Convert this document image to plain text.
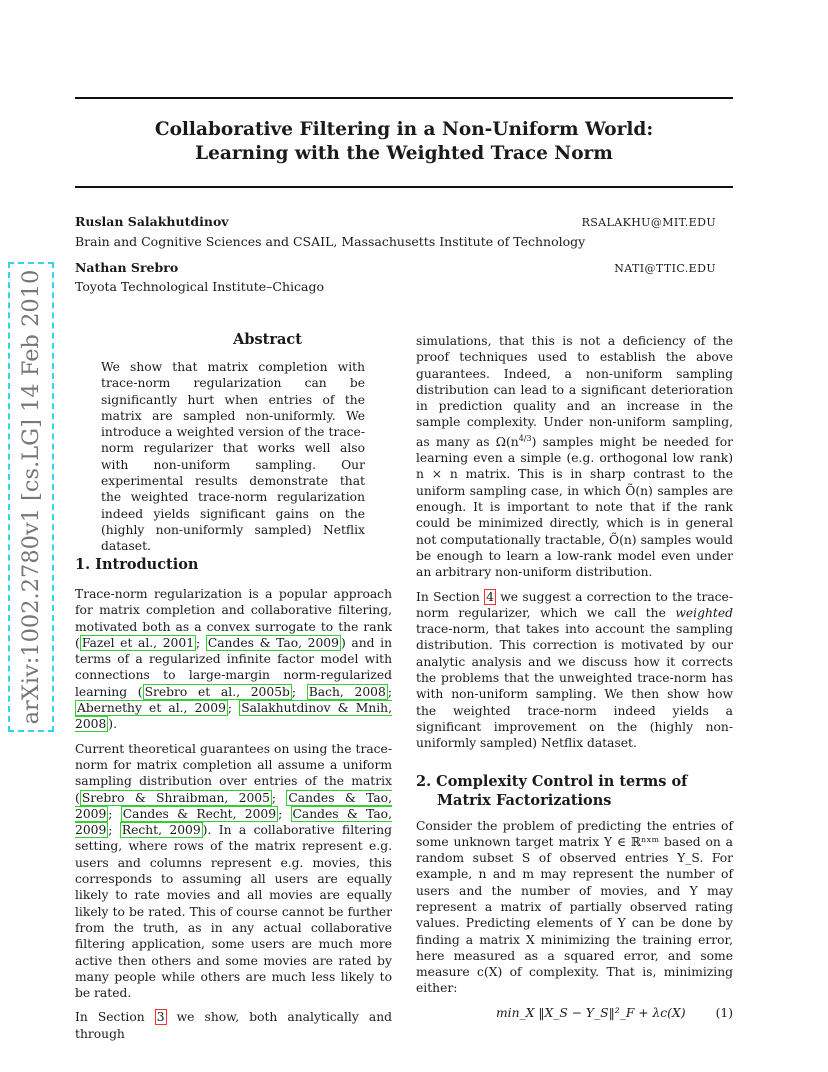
Collaborative Filtering in a Non-Uniform World:
Learning with the Weighted Trace Norm
Ruslan Salakhutdinov	RSALAKHU@MIT.EDU
Brain and Cognitive Sciences and CSAIL, Massachusetts Institute of Technology
Nathan Srebro	NATI@TTIC.EDU
Toyota Technological Institute–Chicago
Abstract
We show that matrix completion with trace-norm regularization can be significantly hurt when entries of the matrix are sampled non-uniformly. We introduce a weighted version of the trace-norm regularizer that works well also with non-uniform sampling. Our experimental results demonstrate that the weighted trace-norm regularization indeed yields significant gains on the (highly non-uniformly sampled) Netflix dataset.
1. Introduction

Trace-norm regularization is a popular approach for matrix completion and collaborative filtering, motivated both as a convex surrogate to the rank ( Fazel et al., 2001 ; Candes & Tao, 2009 ) and in terms of a regularized infinite factor model with connections to large-margin norm-regularized learning ( Srebro et al., 2005b ; Bach, 2008 ; Abernethy et al., 2009 ; Salakhutdinov & Mnih, 2008 ).

Current theoretical guarantees on using the trace-norm for matrix completion all assume a uniform sampling distribution over entries of the matrix ( Srebro & Shraibman, 2005 ; Candes & Tao, 2009 ; Candes & Recht, 2009 ; Candes & Tao, 2009 ; Recht, 2009 ). In a collaborative filtering setting, where rows of the matrix represent e.g. users and columns represent e.g. movies, this corresponds to assuming all users are equally likely to rate movies and all movies are equally likely to be rated. This of course cannot be further from the truth, as in any actual collaborative filtering application, some users are much more active then others and some movies are rated by many people while others are much less likely to be rated.

In Section 3 we show, both analytically and through

simulations, that this is not a deficiency of the proof techniques used to establish the above guarantees. Indeed, a non-uniform sampling distribution can lead to a significant deterioration in prediction quality and an increase in the sample complexity. Under non-uniform sampling, as many as $\Omega(n^{4/3})$ samples might be needed for learning even a simple (e.g. orthogonal low rank) n × n matrix. This is in sharp contrast to the uniform sampling case, in which Õ(n) samples are enough. It is important to note that if the rank could be minimized directly, which is in general not computationally tractable, Õ(n) samples would be enough to learn a low-rank model even under an arbitrary non-uniform distribution.

In Section 4 we suggest a correction to the trace-norm regularizer, which we call the weighted trace-norm, that takes into account the sampling distribution. This correction is motivated by our analytic analysis and we discuss how it corrects the problems that the unweighted trace-norm has with non-uniform sampling. We then show how the weighted trace-norm indeed yields a significant improvement on the (highly non-uniformly sampled) Netflix dataset.

2. Complexity Control in terms of
Matrix Factorizations

Consider the problem of predicting the entries of some unknown target matrix Y ∈ ℝⁿˣᵐ based on a random subset S of observed entries Y_S. For example, n and m may represent the number of users and the number of movies, and Y may represent a matrix of partially observed rating values. Predicting elements of Y can be done by finding a matrix X minimizing the training error, here measured as a squared error, and some measure c(X) of complexity. That is, minimizing either:

min_X ‖X_S − Y_S‖²_F + λc(X) (1)
arXiv:1002.2780v1 [cs.LG] 14 Feb 2010
